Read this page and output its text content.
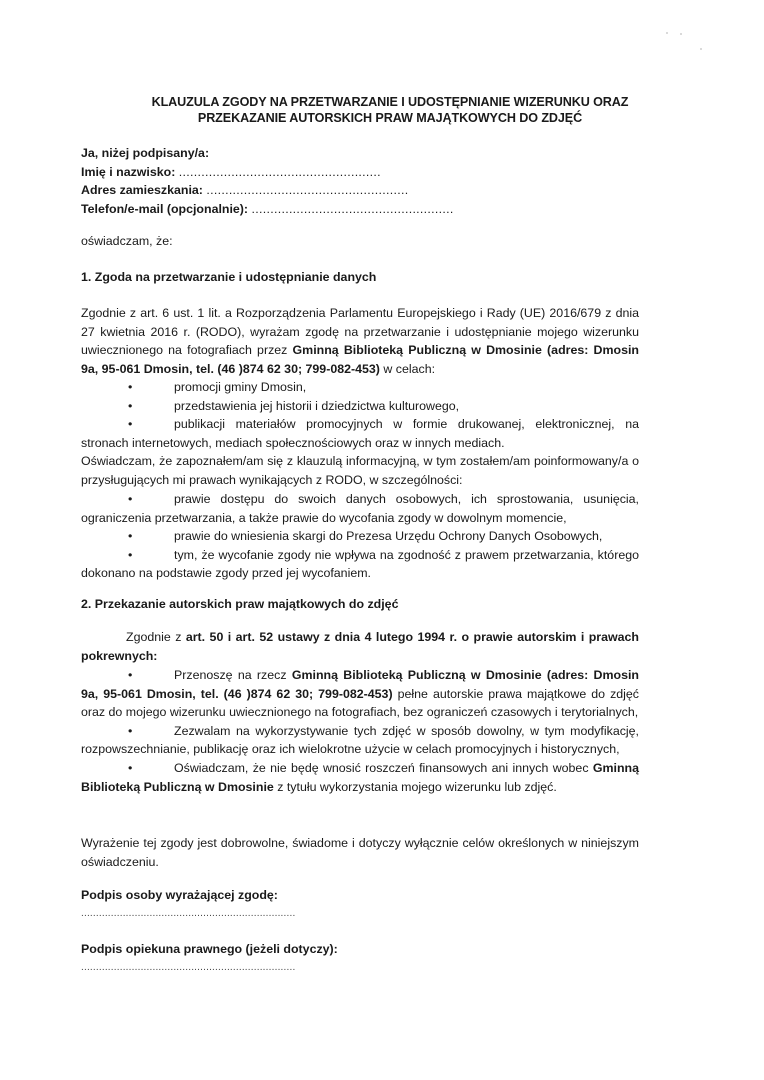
KLAUZULA ZGODY NA PRZETWARZANIE I UDOSTĘPNIANIE WIZERUNKU ORAZ
PRZEKAZANIE AUTORSKICH PRAW MAJĄTKOWYCH DO ZDJĘĆ
Ja, niżej podpisany/a:
Imię i nazwisko: ......................................................
Adres zamieszkania: ......................................................
Telefon/e-mail (opcjonalnie): ......................................................
oświadczam, że:
1. Zgoda na przetwarzanie i udostępnianie danych
Zgodnie z art. 6 ust. 1 lit. a Rozporządzenia Parlamentu Europejskiego i Rady (UE) 2016/679 z dnia 27 kwietnia 2016 r. (RODO), wyrażam zgodę na przetwarzanie i udostępnianie mojego wizerunku uwiecznionego na fotografiach przez Gminną Biblioteką Publiczną w Dmosinie (adres: Dmosin 9a, 95-061 Dmosin, tel. (46 )874 62 30; 799-082-453) w celach:
•	promocji gminy Dmosin,
•	przedstawienia jej historii i dziedzictwa kulturowego,
•	publikacji materiałów promocyjnych w formie drukowanej, elektronicznej, na stronach internetowych, mediach społecznościowych oraz w innych mediach.
Oświadczam, że zapoznałem/am się z klauzulą informacyjną, w tym zostałem/am poinformowany/a o przysługujących mi prawach wynikających z RODO, w szczególności:
•	prawie dostępu do swoich danych osobowych, ich sprostowania, usunięcia, ograniczenia przetwarzania, a także prawie do wycofania zgody w dowolnym momencie,
•	prawie do wniesienia skargi do Prezesa Urzędu Ochrony Danych Osobowych,
•	tym, że wycofanie zgody nie wpływa na zgodność z prawem przetwarzania, którego dokonano na podstawie zgody przed jej wycofaniem.
2. Przekazanie autorskich praw majątkowych do zdjęć
Zgodnie z art. 50 i art. 52 ustawy z dnia 4 lutego 1994 r. o prawie autorskim i prawach pokrewnych:
•	Przenoszę na rzecz Gminną Biblioteką Publiczną w Dmosinie (adres: Dmosin 9a, 95-061 Dmosin, tel. (46 )874 62 30; 799-082-453) pełne autorskie prawa majątkowe do zdjęć oraz do mojego wizerunku uwiecznionego na fotografiach, bez ograniczeń czasowych i terytorialnych,
•	Zezwalam na wykorzystywanie tych zdjęć w sposób dowolny, w tym modyfikację, rozpowszechnianie, publikację oraz ich wielokrotne użycie w celach promocyjnych i historycznych,
•	Oświadczam, że nie będę wnosić roszczeń finansowych ani innych wobec Gminną Biblioteką Publiczną w Dmosinie z tytułu wykorzystania mojego wizerunku lub zdjęć.
Wyrażenie tej zgody jest dobrowolne, świadome i dotyczy wyłącznie celów określonych w niniejszym oświadczeniu.
Podpis osoby wyrażającej zgodę:
........................................................................
Podpis opiekuna prawnego (jeżeli dotyczy):
........................................................................
